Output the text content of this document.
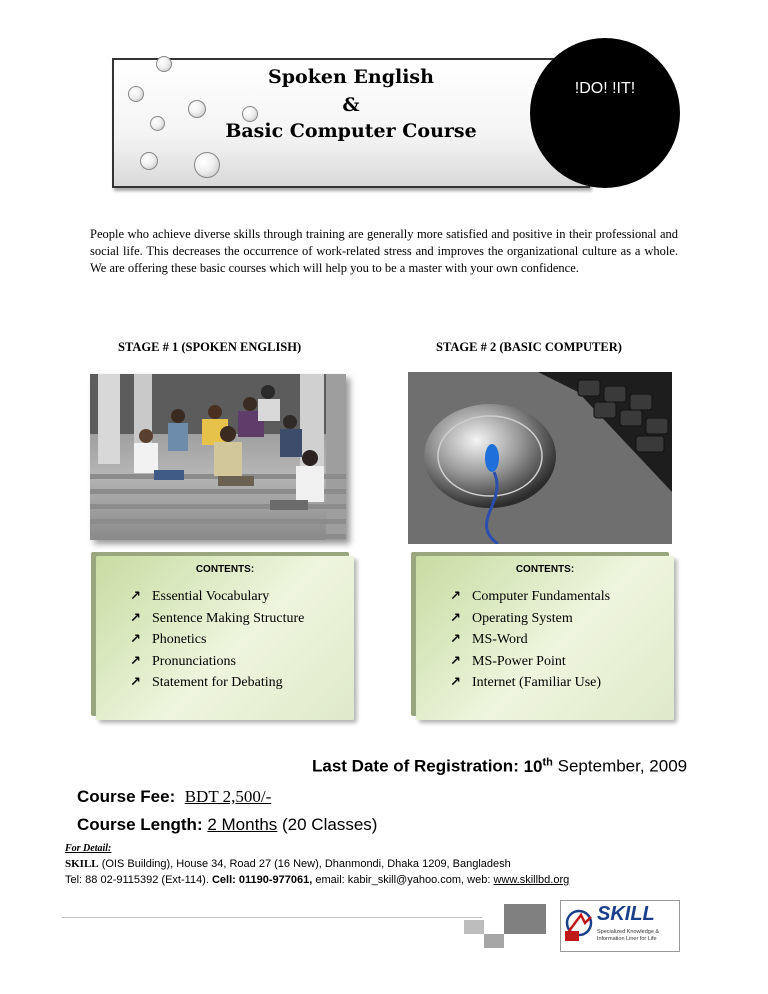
Spoken English
&
Basic Computer Course
!DO! !IT!
People who achieve diverse skills through training are generally more satisfied and positive in their professional and social life. This decreases the occurrence of work-related stress and improves the organizational culture as a whole. We are offering these basic courses which will help you to be a master with your own confidence.
STAGE # 1 (SPOKEN ENGLISH)	STAGE # 2 (BASIC COMPUTER)
CONTENTS:
↗ Essential Vocabulary
↗ Sentence Making Structure
↗ Phonetics
↗ Pronunciations
↗ Statement for Debating
CONTENTS:
↗ Computer Fundamentals
↗ Operating System
↗ MS-Word
↗ MS-Power Point
↗ Internet (Familiar Use)
Last Date of Registration: 10th September, 2009
Course Fee: BDT 2,500/-
Course Length: 2 Months (20 Classes)
For Detail:
SKILL (OIS Building), House 34, Road 27 (16 New), Dhanmondi, Dhaka 1209, Bangladesh
Tel: 88 02-9115392 (Ext-114). Cell: 01190-977061, email: kabir_skill@yahoo.com, web: www.skillbd.org
SKILL
Specialized Knowledge &
Information Liner for Life
